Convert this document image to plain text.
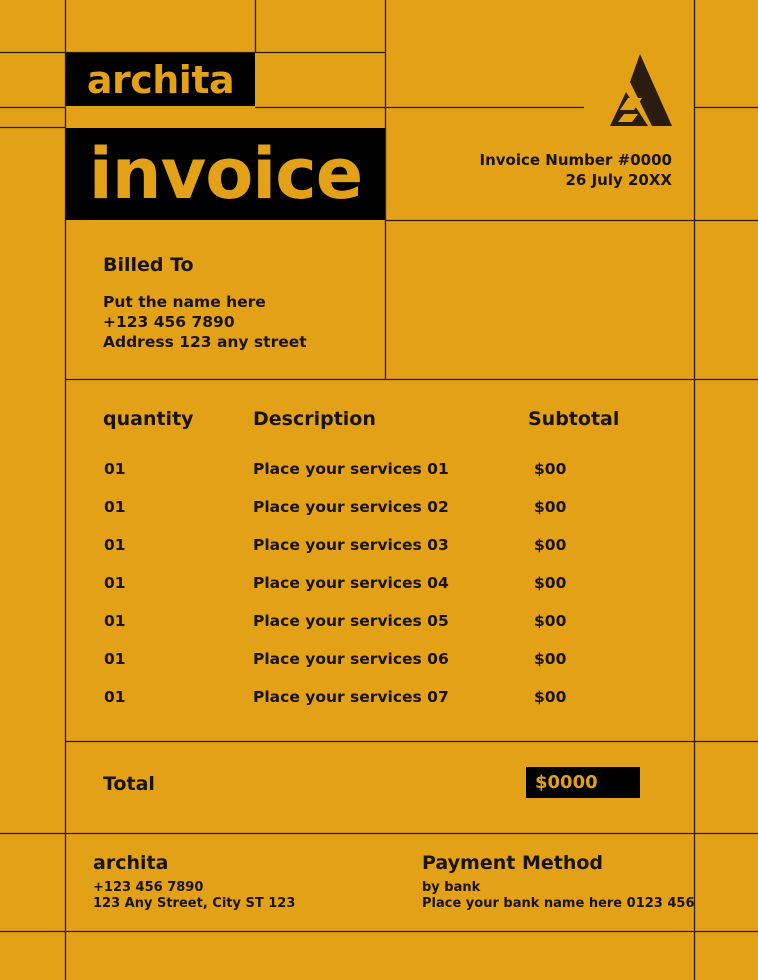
archita
invoice	Invoice Number #0000
26 July 20XX
Billed To
Put the name here
+123 456 7890
Address 123 any street
quantity	Description	Subtotal
01	Place your services 01	$00
01	Place your services 02	$00
01	Place your services 03	$00
01	Place your services 04	$00
01	Place your services 05	$00
01	Place your services 06	$00
01	Place your services 07	$00
Total	$0000
archita
+123 456 7890
123 Any Street, City ST 123
Payment Method
by bank
Place your bank name here 0123 456
